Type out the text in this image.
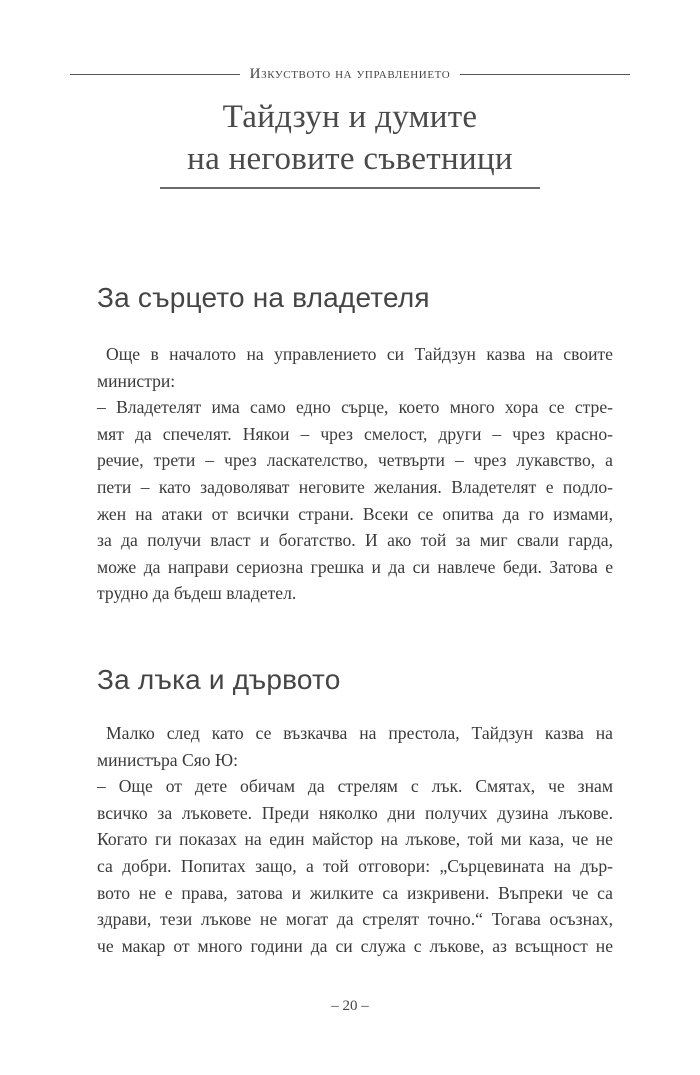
Изкуството на управлението
Тайдзун и думите
на неговите съветници
За сърцето на владетеля
Още в началото на управлението си Тайдзун казва на своите
министри:
– Владетелят има само едно сърце, което много хора се стре-
мят да спечелят. Някои – чрез смелост, други – чрез красно-
речие, трети – чрез ласкателство, четвърти – чрез лукавство, а
пети – като задоволяват неговите желания. Владетелят е подло-
жен на атаки от всички страни. Всеки се опитва да го измами,
за да получи власт и богатство. И ако той за миг свали гарда,
може да направи сериозна грешка и да си навлече беди. Затова е
трудно да бъдеш владетел.
За лъка и дървото
Малко след като се възкачва на престола, Тайдзун казва на
министъра Сяо Ю:
– Още от дете обичам да стрелям с лък. Смятах, че знам
всичко за лъковете. Преди няколко дни получих дузина лъкове.
Когато ги показах на един майстор на лъкове, той ми каза, че не
са добри. Попитах защо, а той отговори: „Сърцевината на дър-
вото не е права, затова и жилките са изкривени. Въпреки че са
здрави, тези лъкове не могат да стрелят точно.“ Тогава осъзнах,
че макар от много години да си служа с лъкове, аз всъщност не
– 20 –
